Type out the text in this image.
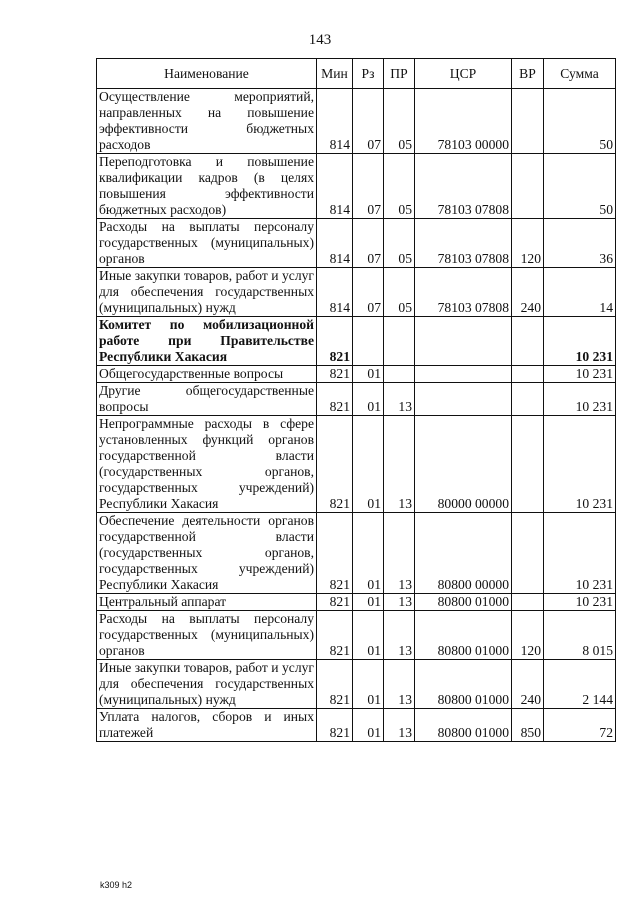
143
Наименование	Мин	Рз	ПР	ЦСР	ВР	Сумма
Осуществление мероприятий, направленных на повышение эффективности бюджетных расходов	814	07	05	78103 00000		50
Переподготовка и повышение квалификации кадров (в целях повышения эффективности бюджетных расходов)	814	07	05	78103 07808		50
Расходы на выплаты персоналу государственных (муниципальных) органов	814	07	05	78103 07808	120	36
Иные закупки товаров, работ и услуг для обеспечения государственных (муниципальных) нужд	814	07	05	78103 07808	240	14
Комитет по мобилизационной работе при Правительстве Республики Хакасия	821					10 231
Общегосударственные вопросы	821	01				10 231
Другие общегосударственные вопросы	821	01	13			10 231
Непрограммные расходы в сфере установленных функций органов государственной власти (государственных органов, государственных учреждений) Республики Хакасия	821	01	13	80000 00000		10 231
Обеспечение деятельности органов государственной власти (государственных органов, государственных учреждений) Республики Хакасия	821	01	13	80800 00000		10 231
Центральный аппарат	821	01	13	80800 01000		10 231
Расходы на выплаты персоналу государственных (муниципальных) органов	821	01	13	80800 01000	120	8 015
Иные закупки товаров, работ и услуг для обеспечения государственных (муниципальных) нужд	821	01	13	80800 01000	240	2 144
Уплата налогов, сборов и иных платежей	821	01	13	80800 01000	850	72
k309 h2
